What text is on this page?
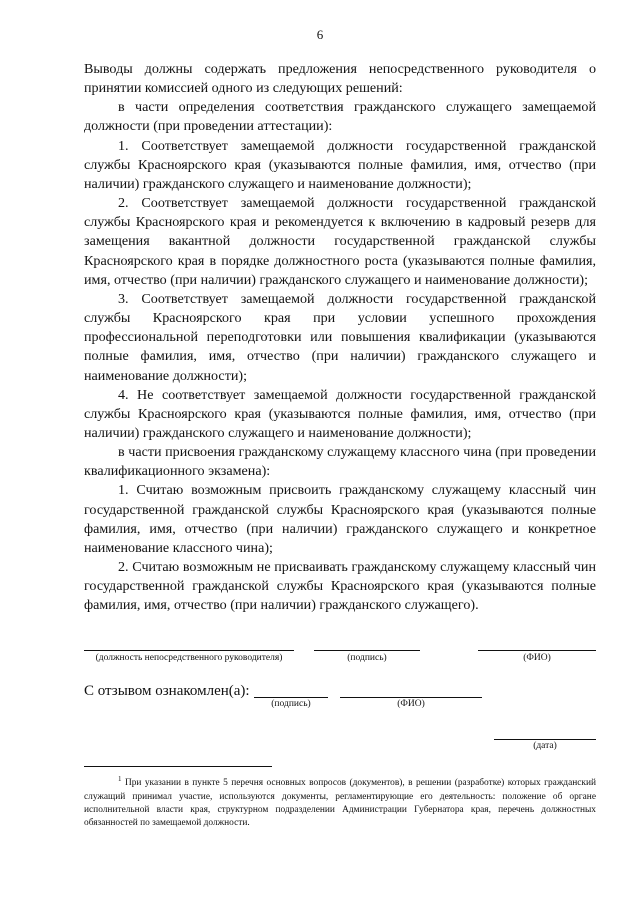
6

Выводы должны содержать предложения непосредственного руководителя о принятии комиссией одного из следующих решений:

в части определения соответствия гражданского служащего замещаемой должности (при проведении аттестации):

1. Соответствует замещаемой должности государственной гражданской службы Красноярского края (указываются полные фамилия, имя, отчество (при наличии) гражданского служащего и наименование должности);

2. Соответствует замещаемой должности государственной гражданской службы Красноярского края и рекомендуется к включению в кадровый резерв для замещения вакантной должности государственной гражданской службы Красноярского края в порядке должностного роста (указываются полные фамилия, имя, отчество (при наличии) гражданского служащего и наименование должности);

3. Соответствует замещаемой должности государственной гражданской службы Красноярского края при условии успешного прохождения профессиональной переподготовки или повышения квалификации (указываются полные фамилия, имя, отчество (при наличии) гражданского служащего и наименование должности);

4. Не соответствует замещаемой должности государственной гражданской службы Красноярского края (указываются полные фамилия, имя, отчество (при наличии) гражданского служащего и наименование должности);

в части присвоения гражданскому служащему классного чина (при проведении квалификационного экзамена):

1. Считаю возможным присвоить гражданскому служащему классный чин государственной гражданской службы Красноярского края (указываются полные фамилия, имя, отчество (при наличии) гражданского служащего и конкретное наименование классного чина);

2. Считаю возможным не присваивать гражданскому служащему классный чин государственной гражданской службы Красноярского края (указываются полные фамилия, имя, отчество (при наличии) гражданского служащего).

(должность непосредственного руководителя)	(подпись)	(ФИО)
С отзывом ознакомлен(а):
(подпись)	(ФИО)
(дата)
$^1$ При указании в пункте 5 перечня основных вопросов (документов), в решении (разработке) которых гражданский служащий принимал участие, используются документы, регламентирующие его деятельность: положение об органе исполнительной власти края, структурном подразделении Администрации Губернатора края, перечень должностных обязанностей по замещаемой должности.
